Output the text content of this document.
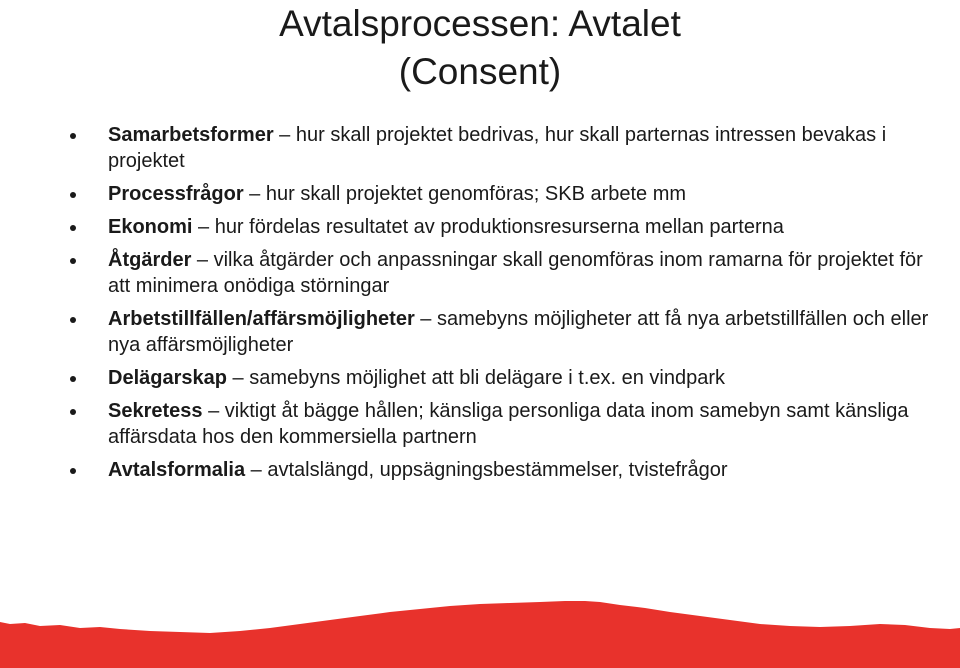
Avtalsprocessen: Avtalet
(Consent)
Samarbetsformer – hur skall projektet bedrivas, hur skall parternas intressen bevakas i projektet
Processfrågor – hur skall projektet genomföras; SKB arbete mm
Ekonomi – hur fördelas resultatet av produktionsresurserna mellan parterna
Åtgärder – vilka åtgärder och anpassningar skall genomföras inom ramarna för projektet för att minimera onödiga störningar
Arbetstillfällen/affärsmöjligheter – samebyns möjligheter att få nya arbetstillfällen och eller nya affärsmöjligheter
Delägarskap – samebyns möjlighet att bli delägare i t.ex. en vindpark
Sekretess – viktigt åt bägge hållen; känsliga personliga data inom samebyn samt känsliga affärsdata hos den kommersiella partnern
Avtalsformalia – avtalslängd, uppsägningsbestämmelser, tvistefrågor
